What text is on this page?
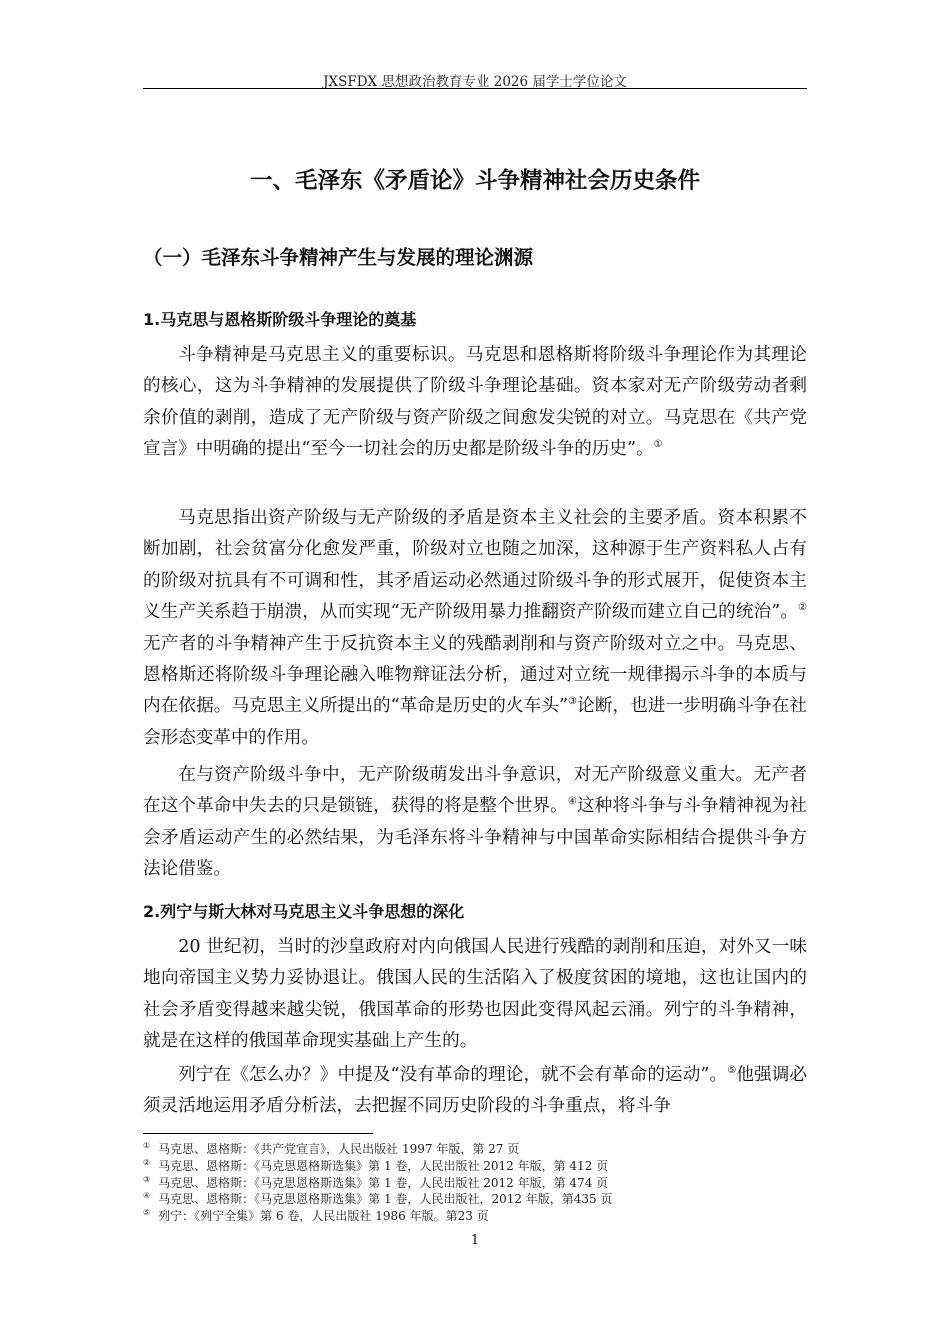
JXSFDX 思想政治教育专业 2026 届学士学位论文
一、毛泽东《矛盾论》斗争精神社会历史条件
（一）毛泽东斗争精神产生与发展的理论渊源
1.马克思与恩格斯阶级斗争理论的奠基

斗争精神是马克思主义的重要标识。马克思和恩格斯将阶级斗争理论作为其理论的核心，这为斗争精神的发展提供了阶级斗争理论基础。资本家对无产阶级劳动者剩余价值的剥削，造成了无产阶级与资产阶级之间愈发尖锐的对立。马克思在《共产党宣言》中明确的提出“至今一切社会的历史都是阶级斗争的历史”。①

马克思指出资产阶级与无产阶级的矛盾是资本主义社会的主要矛盾。资本积累不断加剧，社会贫富分化愈发严重，阶级对立也随之加深，这种源于生产资料私人占有的阶级对抗具有不可调和性，其矛盾运动必然通过阶级斗争的形式展开，促使资本主义生产关系趋于崩溃，从而实现“无产阶级用暴力推翻资产阶级而建立自己的统治”。②无产者的斗争精神产生于反抗资本主义的残酷剥削和与资产阶级对立之中。马克思、恩格斯还将阶级斗争理论融入唯物辩证法分析，通过对立统一规律揭示斗争的本质与内在依据。马克思主义所提出的“革命是历史的火车头”③论断，也进一步明确斗争在社会形态变革中的作用。

在与资产阶级斗争中，无产阶级萌发出斗争意识，对无产阶级意义重大。无产者在这个革命中失去的只是锁链，获得的将是整个世界。④这种将斗争与斗争精神视为社会矛盾运动产生的必然结果，为毛泽东将斗争精神与中国革命实际相结合提供斗争方法论借鉴。

2.列宁与斯大林对马克思主义斗争思想的深化

20 世纪初，当时的沙皇政府对内向俄国人民进行残酷的剥削和压迫，对外又一味地向帝国主义势力妥协退让。俄国人民的生活陷入了极度贫困的境地，这也让国内的社会矛盾变得越来越尖锐，俄国革命的形势也因此变得风起云涌。列宁的斗争精神，就是在这样的俄国革命现实基础上产生的。

列宁在《怎么办？》中提及“没有革命的理论，就不会有革命的运动”。⑤他强调必须灵活地运用矛盾分析法，去把握不同历史阶段的斗争重点，将斗争

① 马克思、恩格斯：《共产党宣言》，人民出版社 1997 年版，第 27 页
② 马克思、恩格斯：《马克思恩格斯选集》第 1 卷，人民出版社 2012 年版，第 412 页
③ 马克思、恩格斯：《马克思恩格斯选集》第 1 卷，人民出版社 2012 年版，第 474 页
④ 马克思、恩格斯：《马克思恩格斯选集》第 1 卷，人民出版社，2012 年版，第435 页
⑤ 列宁：《列宁全集》第 6 卷，人民出版社 1986 年版。第23 页
1
